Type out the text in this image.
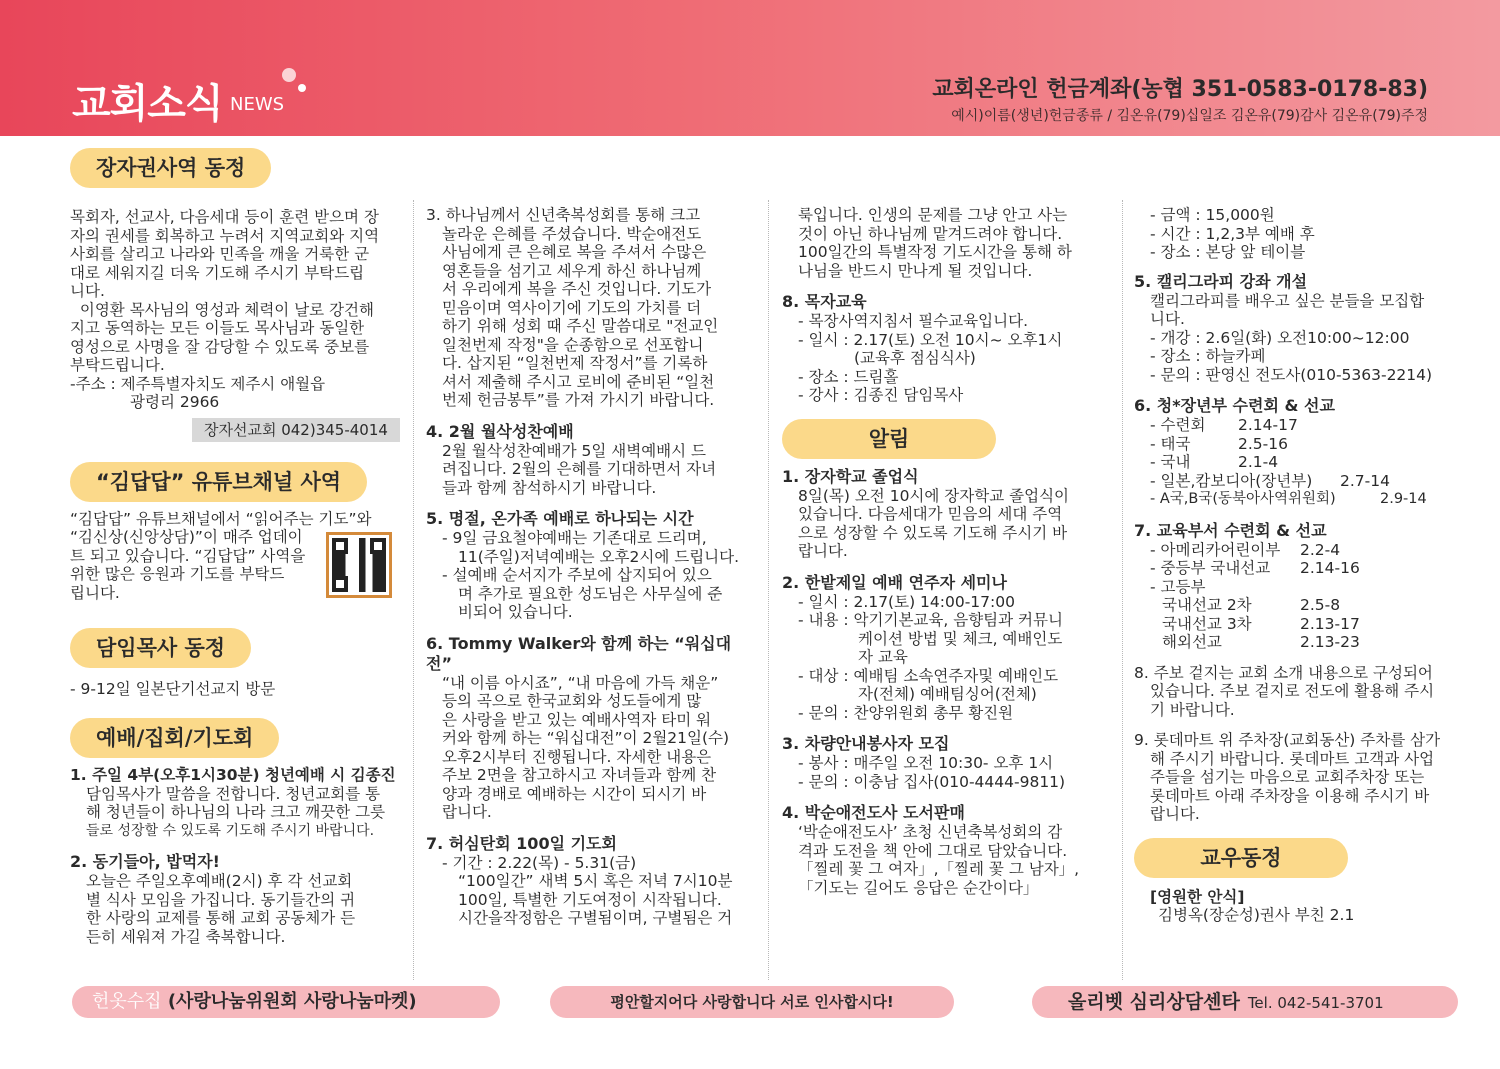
교회소식 NEWS
교회온라인 헌금계좌(농협 351-0583-0178-83)
예시)이름(생년)헌금종류 / 김온유(79)십일조 김온유(79)감사 김온유(79)주정
장자권사역 동정
목회자, 선교사, 다음세대 등이 훈련 받으며 장
자의 권세를 회복하고 누려서 지역교회와 지역
사회를 살리고 나라와 민족을 깨울 거룩한 군
대로 세워지길 더욱 기도해 주시기 부탁드립
니다.
이영환 목사님의 영성과 체력이 날로 강건해
지고 동역하는 모든 이들도 목사님과 동일한
영성으로 사명을 잘 감당할 수 있도록 중보를
부탁드립니다.
-주소 : 제주특별자치도 제주시 애월읍
광령리 2966
장자선교회 042)345-4014
“김답답” 유튜브채널 사역
“김답답” 유튜브채널에서 “읽어주는 기도”와
“김신상(신앙상담)”이 매주 업데이
트 되고 있습니다. “김답답” 사역을
위한 많은 응원과 기도를 부탁드
립니다.
담임목사 동정
- 9-12일 일본단기선교지 방문
예배/집회/기도회
1. 주일 4부(오후1시30분) 청년예배 시 김종진
담임목사가 말씀을 전합니다. 청년교회를 통
해 청년들이 하나님의 나라 크고 깨끗한 그릇
들로 성장할 수 있도록 기도해 주시기 바랍니다.
2. 동기들아, 밥먹자!
오늘은 주일오후예배(2시) 후 각 선교회
별 식사 모임을 가집니다. 동기들간의 귀
한 사랑의 교제를 통해 교회 공동체가 든
든히 세워져 가길 축복합니다.
3. 하나님께서 신년축복성회를 통해 크고
놀라운 은혜를 주셨습니다. 박순애전도
사님에게 큰 은혜로 복을 주셔서 수많은
영혼들을 섬기고 세우게 하신 하나님께
서 우리에게 복을 주신 것입니다. 기도가
믿음이며 역사이기에 기도의 가치를 더
하기 위해 성회 때 주신 말씀대로 "전교인
일천번제 작정"을 순종함으로 선포합니
다. 삽지된 “일천번제 작정서”를 기록하
셔서 제출해 주시고 로비에 준비된 “일천
번제 헌금봉투”를 가져 가시기 바랍니다.
4. 2월 월삭성찬예배
2월 월삭성찬예배가 5일 새벽예배시 드
려집니다. 2월의 은혜를 기대하면서 자녀
들과 함께 참석하시기 바랍니다.
5. 명절, 온가족 예배로 하나되는 시간
- 9일 금요철야예배는 기존대로 드리며,
11(주일)저녁예배는 오후2시에 드립니다.
- 설예배 순서지가 주보에 삽지되어 있으
며 추가로 필요한 성도님은 사무실에 준
비되어 있습니다.
6. Tommy Walker와 함께 하는 “워십대전”
“내 이름 아시죠”, “내 마음에 가득 채운”
등의 곡으로 한국교회와 성도들에게 많
은 사랑을 받고 있는 예배사역자 타미 워
커와 함께 하는 “워십대전”이 2월21일(수)
오후2시부터 진행됩니다. 자세한 내용은
주보 2면을 참고하시고 자녀들과 함께 찬
양과 경배로 예배하는 시간이 되시기 바
랍니다.
7. 허심탄회 100일 기도회
- 기간 : 2.22(목) - 5.31(금)
“100일간” 새벽 5시 혹은 저녁 7시10분
100일, 특별한 기도여정이 시작됩니다.
시간을작정함은 구별됨이며, 구별됨은 거
룩입니다. 인생의 문제를 그냥 안고 사는
것이 아닌 하나님께 맡겨드려야 합니다.
100일간의 특별작정 기도시간을 통해 하
나님을 반드시 만나게 될 것입니다.
8. 목자교육
- 목장사역지침서 필수교육입니다.
- 일시 : 2.17(토) 오전 10시~ 오후1시
(교육후 점심식사)
- 장소 : 드림홀
- 강사 : 김종진 담임목사
알림
1. 장자학교 졸업식
8일(목) 오전 10시에 장자학교 졸업식이
있습니다. 다음세대가 믿음의 세대 주역
으로 성장할 수 있도록 기도해 주시기 바
랍니다.
2. 한밭제일 예배 연주자 세미나
- 일시 : 2.17(토) 14:00-17:00
- 내용 : 악기기본교육, 음향팀과 커뮤니
케이션 방법 및 체크, 예배인도
자 교육
- 대상 : 예배팀 소속연주자및 예배인도
자(전체) 예배팀싱어(전체)
- 문의 : 찬양위원회 총무 황진원
3. 차량안내봉사자 모집
- 봉사 : 매주일 오전 10:30- 오후 1시
- 문의 : 이충남 집사(010-4444-9811)
4. 박순애전도사 도서판매
‘박순애전도사’ 초청 신년축복성회의 감
격과 도전을 책 안에 그대로 담았습니다.
「찔레 꽃 그 여자」,「찔레 꽃 그 남자」,
「기도는 길어도 응답은 순간이다」
- 금액 : 15,000원
- 시간 : 1,2,3부 예배 후
- 장소 : 본당 앞 테이블
5. 캘리그라피 강좌 개설
캘리그라피를 배우고 싶은 분들을 모집합
니다.
- 개강 : 2.6일(화) 오전10:00~12:00
- 장소 : 하늘카페
- 문의 : 판영신 전도사(010-5363-2214)
6. 청*장년부 수련회 & 선교
- 수련회 2.14-17
- 태국	2.5-16
- 국내	2.1-4
- 일본,캄보디아(장년부) 2.7-14
- A국,B국(동북아사역위원회)	2.9-14
7. 교육부서 수련회 & 선교
- 아메리카어린이부 2.2-4
- 중등부 국내선교 2.14-16
- 고등부
국내선교 2차	2.5-8
국내선교 3차	2.13-17
해외선교	2.13-23
8. 주보 겉지는 교회 소개 내용으로 구성되어
있습니다. 주보 겉지로 전도에 활용해 주시
기 바랍니다.
9. 롯데마트 위 주차장(교회동산) 주차를 삼가
해 주시기 바랍니다. 롯데마트 고객과 사업
주들을 섬기는 마음으로 교회주차장 또는
롯데마트 아래 주차장을 이용해 주시기 바
랍니다.
교우동정
[영원한 안식]
김병옥(장순성)권사 부친 2.1
헌옷수집 (사랑나눔위원회 사랑나눔마켓)	평안할지어다 사랑합니다 서로 인사합시다!	올리벳 심리상담센타 Tel. 042-541-3701
